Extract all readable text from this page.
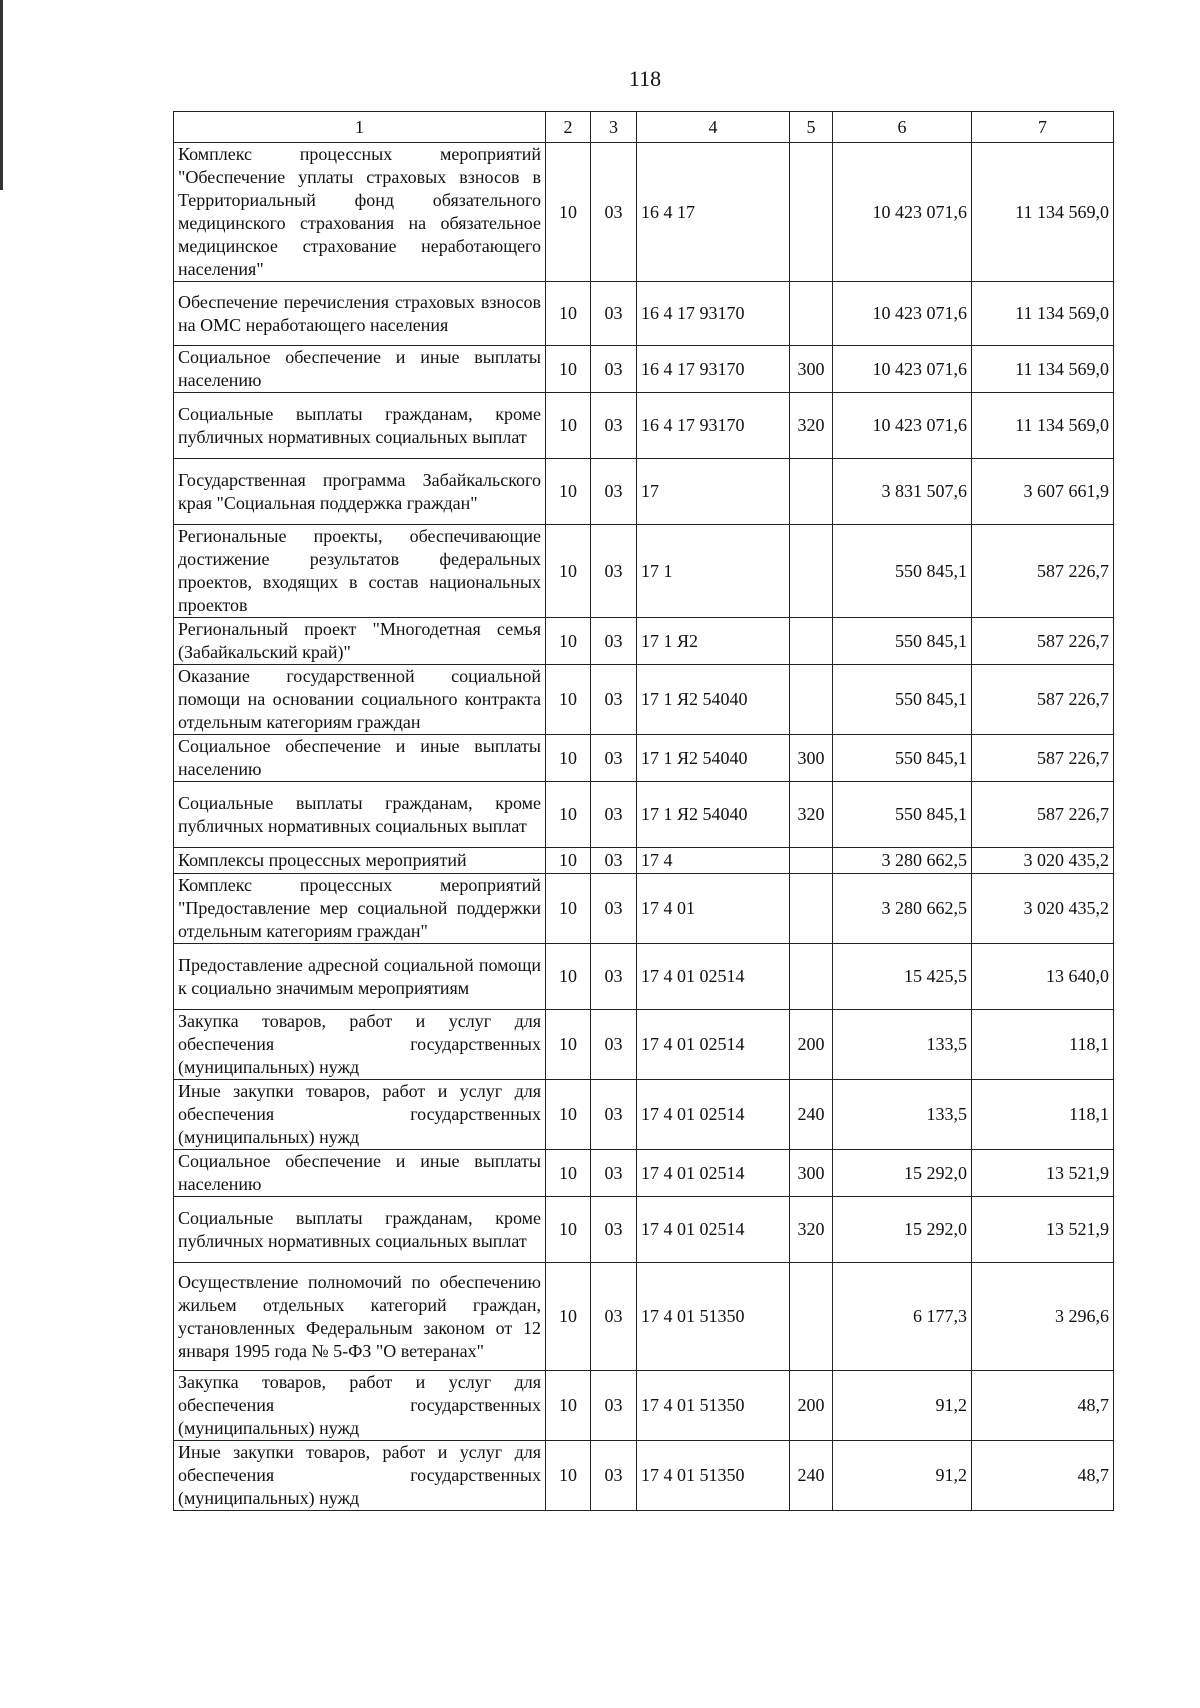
118
1	2	3	4	5	6	7
Комплекс процессных мероприятий "Обеспечение уплаты страховых взносов в Территориальный фонд обязательного медицинского страхования на обязательное медицинское страхование неработающего населения"	10	03	16 4 17		10 423 071,6	11 134 569,0
Обеспечение перечисления страховых взносов на ОМС неработающего населения	10	03	16 4 17 93170		10 423 071,6	11 134 569,0
Социальное обеспечение и иные выплаты населению	10	03	16 4 17 93170	300	10 423 071,6	11 134 569,0
Социальные выплаты гражданам, кроме публичных нормативных социальных выплат	10	03	16 4 17 93170	320	10 423 071,6	11 134 569,0
Государственная программа Забайкальского края "Социальная поддержка граждан"	10	03	17		3 831 507,6	3 607 661,9
Региональные проекты, обеспечивающие достижение результатов федеральных проектов, входящих в состав национальных проектов	10	03	17 1		550 845,1	587 226,7
Региональный проект "Многодетная семья (Забайкальский край)"	10	03	17 1 Я2		550 845,1	587 226,7
Оказание государственной социальной помощи на основании социального контракта отдельным категориям граждан	10	03	17 1 Я2 54040		550 845,1	587 226,7
Социальное обеспечение и иные выплаты населению	10	03	17 1 Я2 54040	300	550 845,1	587 226,7
Социальные выплаты гражданам, кроме публичных нормативных социальных выплат	10	03	17 1 Я2 54040	320	550 845,1	587 226,7
Комплексы процессных мероприятий	10	03	17 4		3 280 662,5	3 020 435,2
Комплекс процессных мероприятий "Предоставление мер социальной поддержки отдельным категориям граждан"	10	03	17 4 01		3 280 662,5	3 020 435,2
Предоставление адресной социальной помощи к социально значимым мероприятиям	10	03	17 4 01 02514		15 425,5	13 640,0
Закупка товаров, работ и услуг для обеспечения государственных (муниципальных) нужд	10	03	17 4 01 02514	200	133,5	118,1
Иные закупки товаров, работ и услуг для обеспечения государственных (муниципальных) нужд	10	03	17 4 01 02514	240	133,5	118,1
Социальное обеспечение и иные выплаты населению	10	03	17 4 01 02514	300	15 292,0	13 521,9
Социальные выплаты гражданам, кроме публичных нормативных социальных выплат	10	03	17 4 01 02514	320	15 292,0	13 521,9
Осуществление полномочий по обеспечению жильем отдельных категорий граждан, установленных Федеральным законом от 12 января 1995 года № 5-ФЗ "О ветеранах"	10	03	17 4 01 51350		6 177,3	3 296,6
Закупка товаров, работ и услуг для обеспечения государственных (муниципальных) нужд	10	03	17 4 01 51350	200	91,2	48,7
Иные закупки товаров, работ и услуг для обеспечения государственных (муниципальных) нужд	10	03	17 4 01 51350	240	91,2	48,7
